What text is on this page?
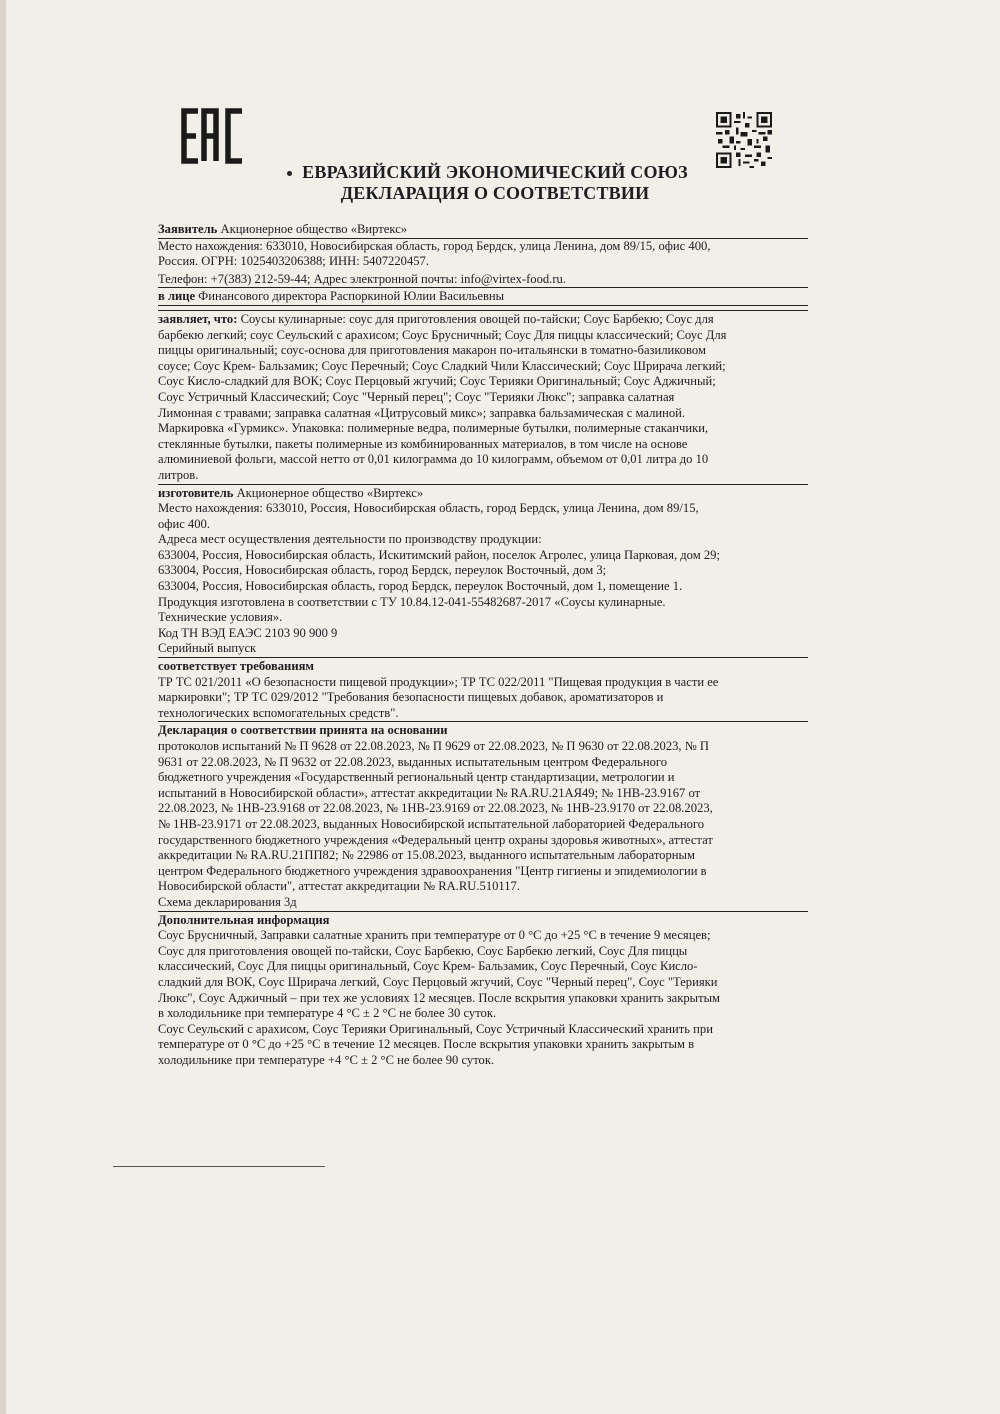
ЕВРАЗИЙСКИЙ ЭКОНОМИЧЕСКИЙ СОЮЗ
ДЕКЛАРАЦИЯ О СООТВЕТСТВИИ
Заявитель Акционерное общество «Виртекс»
Место нахождения: 633010, Новосибирская область, город Бердск, улица Ленина, дом 89/15, офис 400,
Россия. ОГРН: 1025403206388; ИНН: 5407220457.
Телефон: +7(383) 212-59-44; Адрес электронной почты: info@virtex-food.ru.
в лице Финансового директора Распоркиной Юлии Васильевны
заявляет, что: Соусы кулинарные: соус для приготовления овощей по-тайски; Соус Барбекю; Соус для
барбекю легкий; соус Сеульский с арахисом; Соус Брусничный; Соус Для пиццы классический; Соус Для
пиццы оригинальный; соус-основа для приготовления макарон по-итальянски в томатно-базиликовом
соусе; Соус Крем- Бальзамик; Соус Перечный; Соус Сладкий Чили Классический; Соус Шрирача легкий;
Соус Кисло-сладкий для ВОК; Соус Перцовый жгучий; Соус Терияки Оригинальный; Соус Аджичный;
Соус Устричный Классический; Соус "Черный перец"; Соус "Терияки Люкс"; заправка салатная
Лимонная с травами; заправка салатная «Цитрусовый микс»; заправка бальзамическая с малиной.
Маркировка «Гурмикс». Упаковка: полимерные ведра, полимерные бутылки, полимерные стаканчики,
стеклянные бутылки, пакеты полимерные из комбинированных материалов, в том числе на основе
алюминиевой фольги, массой нетто от 0,01 килограмма до 10 килограмм, объемом от 0,01 литра до 10
литров.
изготовитель Акционерное общество «Виртекс»
Место нахождения: 633010, Россия, Новосибирская область, город Бердск, улица Ленина, дом 89/15,
офис 400.
Адреса мест осуществления деятельности по производству продукции:
633004, Россия, Новосибирская область, Искитимский район, поселок Агролес, улица Парковая, дом 29;
633004, Россия, Новосибирская область, город Бердск, переулок Восточный, дом 3;
633004, Россия, Новосибирская область, город Бердск, переулок Восточный, дом 1, помещение 1.
Продукция изготовлена в соответствии с ТУ 10.84.12-041-55482687-2017 «Соусы кулинарные.
Технические условия».
Код ТН ВЭД ЕАЭС 2103 90 900 9
Серийный выпуск
соответствует требованиям
ТР ТС 021/2011 «О безопасности пищевой продукции»; ТР ТС 022/2011 "Пищевая продукция в части ее
маркировки"; ТР ТС 029/2012 "Требования безопасности пищевых добавок, ароматизаторов и
технологических вспомогательных средств".
Декларация о соответствии принята на основании
протоколов испытаний № П 9628 от 22.08.2023, № П 9629 от 22.08.2023, № П 9630 от 22.08.2023, № П
9631 от 22.08.2023, № П 9632 от 22.08.2023, выданных испытательным центром Федерального
бюджетного учреждения «Государственный региональный центр стандартизации, метрологии и
испытаний в Новосибирской области», аттестат аккредитации № RA.RU.21АЯ49; № 1НВ-23.9167 от
22.08.2023, № 1НВ-23.9168 от 22.08.2023, № 1НВ-23.9169 от 22.08.2023, № 1НВ-23.9170 от 22.08.2023,
№ 1НВ-23.9171 от 22.08.2023, выданных Новосибирской испытательной лабораторией Федерального
государственного бюджетного учреждения «Федеральный центр охраны здоровья животных», аттестат
аккредитации № RA.RU.21ПП82; № 22986 от 15.08.2023, выданного испытательным лабораторным
центром Федерального бюджетного учреждения здравоохранения "Центр гигиены и эпидемиологии в
Новосибирской области", аттестат аккредитации № RA.RU.510117.
Схема декларирования 3д
Дополнительная информация
Соус Брусничный, Заправки салатные хранить при температуре от 0 °С до +25 °С в течение 9 месяцев;
Соус для приготовления овощей по-тайски, Соус Барбекю, Соус Барбекю легкий, Соус Для пиццы
классический, Соус Для пиццы оригинальный, Соус Крем- Бальзамик, Соус Перечный, Соус Кисло-
сладкий для ВОК, Соус Шрирача легкий, Соус Перцовый жгучий, Соус "Черный перец", Соус "Терияки
Люкс", Соус Аджичный – при тех же условиях 12 месяцев. После вскрытия упаковки хранить закрытым
в холодильнике при температуре 4 °С ± 2 °С не более 30 суток.
Соус Сеульский с арахисом, Соус Терияки Оригинальный, Соус Устричный Классический хранить при
температуре от 0 °С до +25 °С в течение 12 месяцев. После вскрытия упаковки хранить закрытым в
холодильнике при температуре +4 °С ± 2 °С не более 90 суток.
